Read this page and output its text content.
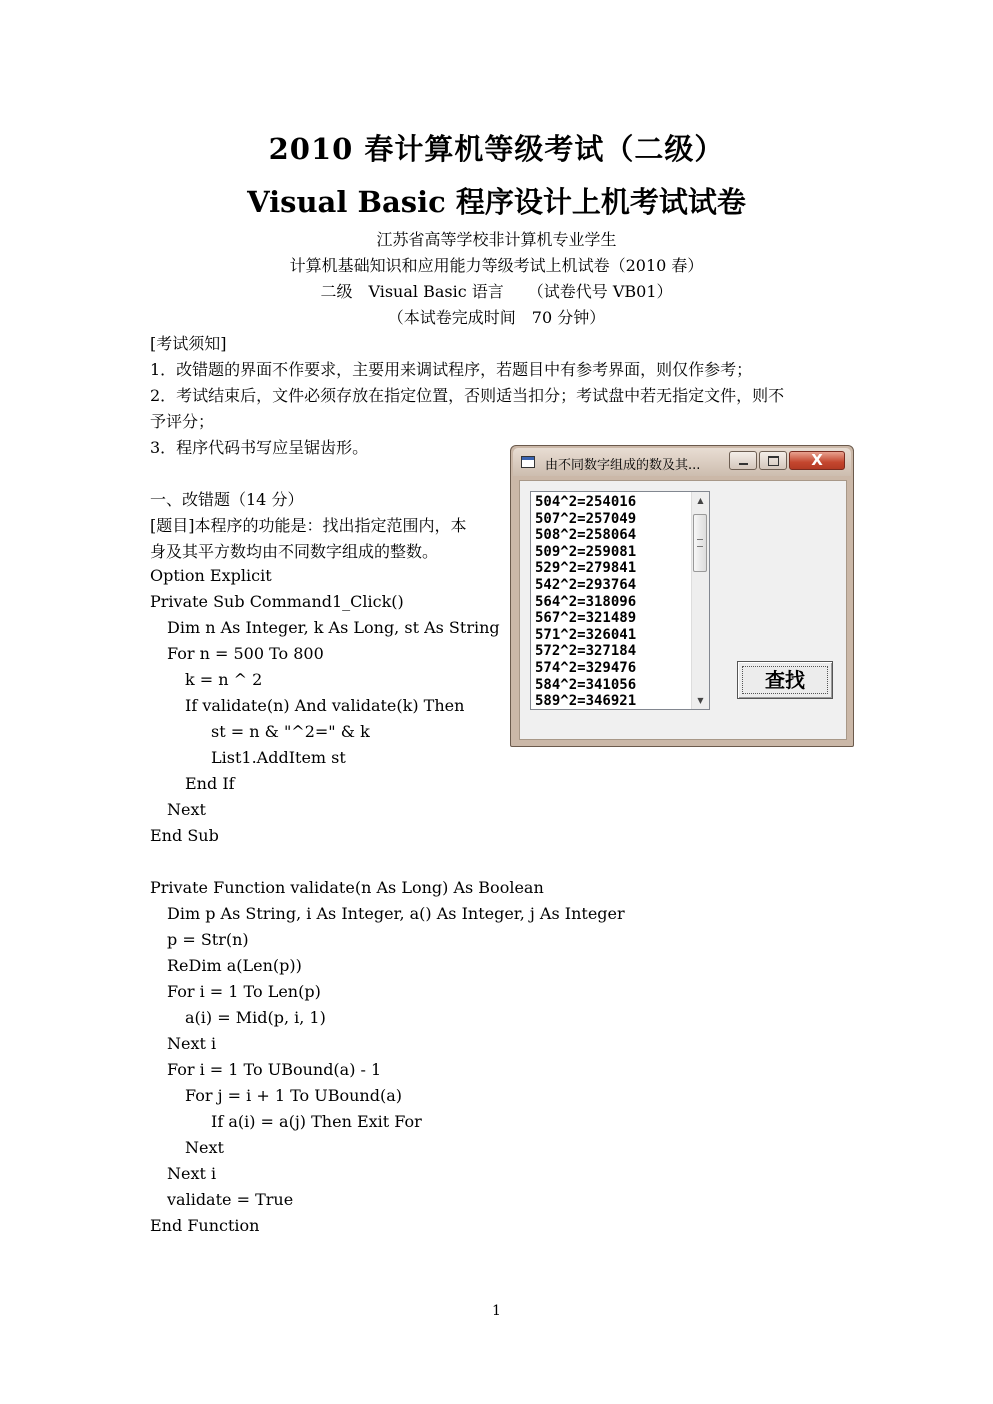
2010 春计算机等级考试（二级）
Visual Basic 程序设计上机考试试卷
江苏省高等学校非计算机专业学生
计算机基础知识和应用能力等级考试上机试卷（2010 春）
二级　Visual Basic 语言　　（试卷代号 VB01）
（本试卷完成时间　70 分钟）
[考试须知]
1．改错题的界面不作要求，主要用来调试程序，若题目中有参考界面，则仅作参考；
2．考试结束后，文件必须存放在指定位置，否则适当扣分；考试盘中若无指定文件，则不
予评分；
3．程序代码书写应呈锯齿形。
一、改错题（14 分）
[题目]本程序的功能是：找出指定范围内，本
身及其平方数均由不同数字组成的整数。
Option Explicit
Private Sub Command1_Click()
Dim n As Integer, k As Long, st As String
For n = 500 To 800
k = n ^ 2
If validate(n) And validate(k) Then
st = n & "^2=" & k
List1.AddItem st
End If
Next
End Sub
Private Function validate(n As Long) As Boolean
Dim p As String, i As Integer, a() As Integer, j As Integer
p = Str(n)
ReDim a(Len(p))
For i = 1 To Len(p)
a(i) = Mid(p, i, 1)
Next i
For i = 1 To UBound(a) - 1
For j = i + 1 To UBound(a)
If a(i) = a(j) Then Exit For
Next
Next i
validate = True
End Function
由不同数字组成的数及其...	X
504^2=254016
507^2=257049
508^2=258064
509^2=259081
529^2=279841
542^2=293764
564^2=318096
567^2=321489
571^2=326041
572^2=327184
574^2=329476
584^2=341056
589^2=346921
▲
▼
查找
1
